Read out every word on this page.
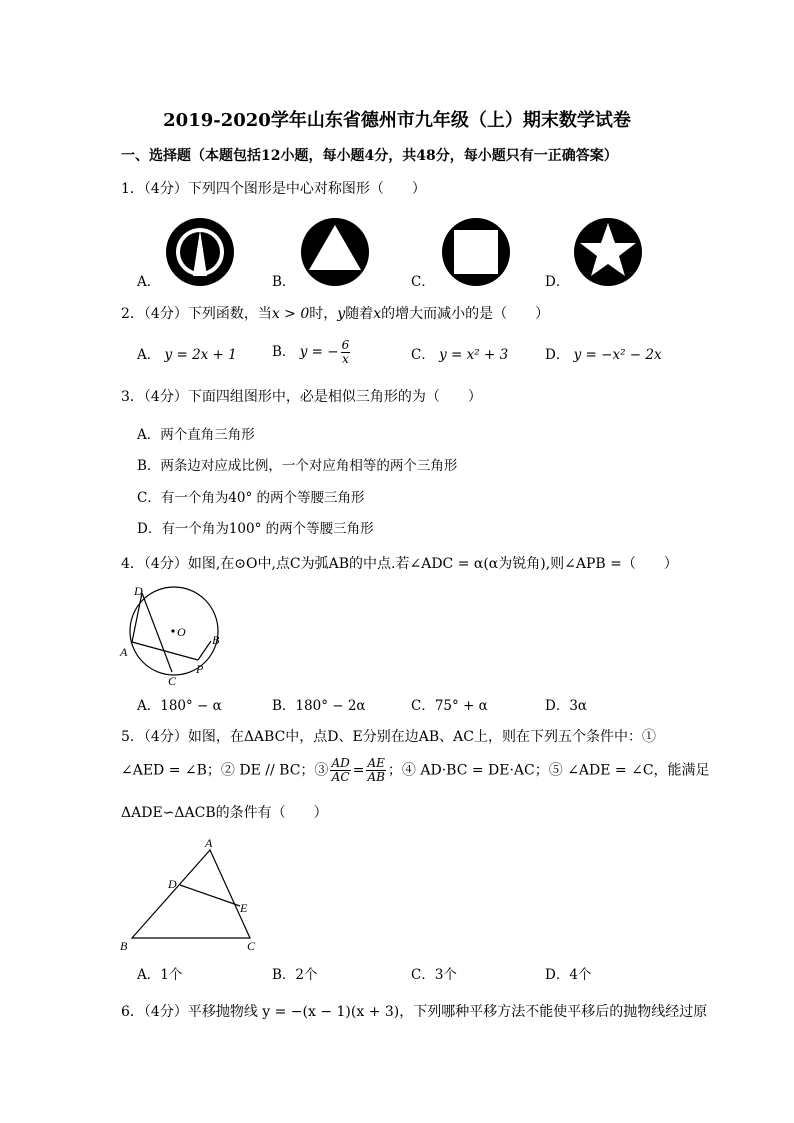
2019-2020学年山东省德州市九年级（上）期末数学试卷
一、选择题（本题包括12小题，每小题4分，共48分，每小题只有一正确答案）
1．（4分）下列四个图形是中心对称图形（　　）
A．	B．	C．	D．
2．（4分）下列函数，当x > 0时，y随着x的增大而减小的是（　　）
A． y = 2x + 1	B． y = − $\frac{6}{x}$	C． y = x² + 3	D． y = −x² − 2x
3．（4分）下面四组图形中，必是相似三角形的为（　　）
A．两个直角三角形
B．两条边对应成比例，一个对应角相等的两个三角形
C．有一个角为40° 的两个等腰三角形
D．有一个角为100° 的两个等腰三角形
4．（4分）如图,在⊙O中,点C为弧AB的中点.若∠ADC = α(α为锐角),则∠APB =（　　）
D
O
A
B
C
P
A．180° − α	B．180° − 2α	C．75° + α	D．3α
5．（4分）如图，在ΔABC中，点D、E分别在边AB、AC上，则在下列五个条件中：①
∠AED = ∠B；② DE // BC；③ $\frac{AD}{AC} = \frac{AE}{AB}$ ；④ AD·BC = DE·AC；⑤ ∠ADE = ∠C，能满足
ΔADE∽ΔACB的条件有（　　）
A
D
E
B	C
A．1个	B．2个	C．3个	D．4个
6．（4分）平移抛物线 y = −(x − 1)(x + 3)，下列哪种平移方法不能使平移后的抛物线经过原
